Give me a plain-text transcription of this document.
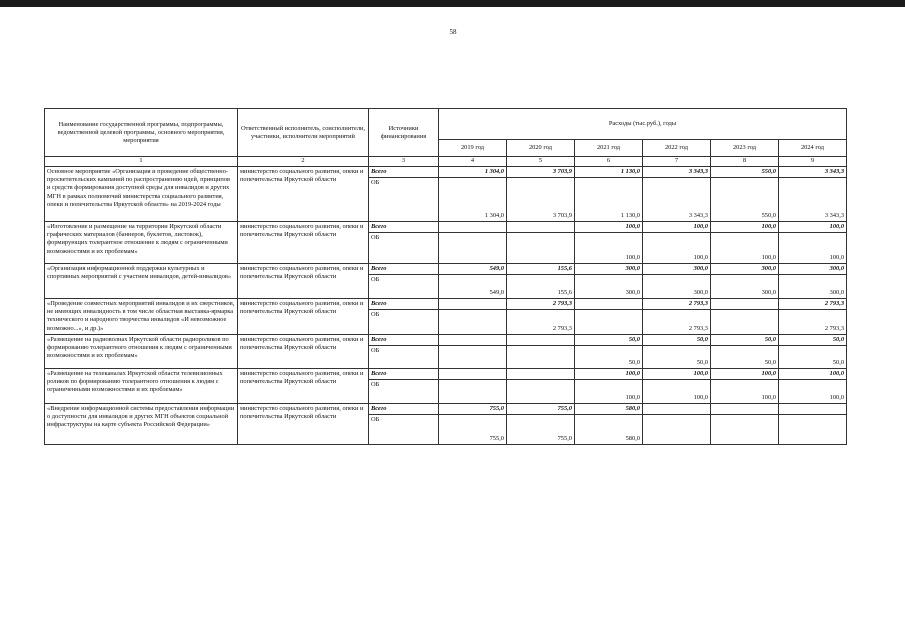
58
Наименование государственной программы, подпрограммы, ведомственной целевой программы, основного мероприятия, мероприятия	Ответственный исполнитель, соисполнители, участники, исполнители мероприятий	Источники финансирования	Расходы (тыс.руб.), годы					
			2019 год	2020 год	2021 год	2022 год	2023 год	2024 год
1	2	3	4	5	6	7	8	9
Основное мероприятие «Организация и проведение общественно-просветительских кампаний по распространению идей, принципов и средств формирования доступной среды для инвалидов и других МГН в рамках полномочий министерства социального развития, опеки и попечительства Иркутской области» на 2019-2024 годы	министерство социального развития, опеки и попечительства Иркутской области	Всего	1 304,0	3 703,9	1 130,0	3 343,3	550,0	3 343,3
		ОБ	1 304,0	3 703,9	1 130,0	3 343,3	550,0	3 343,3
«Изготовление и размещение на территории Иркутской области графических материалов (баннеров, буклетов, листовок), формирующих толерантное отношение к людям с ограниченными возможностями и их проблемам»	министерство социального развития, опеки и попечительства Иркутской области	Всего			100,0	100,0	100,0	100,0
		ОБ			100,0	100,0	100,0	100,0
«Организация информационной поддержки культурных и спортивных мероприятий с участием инвалидов, детей-инвалидов»	министерство социального развития, опеки и попечительства Иркутской области	Всего	549,0	155,6	300,0	300,0	300,0	300,0
		ОБ	549,0	155,6	300,0	300,0	300,0	300,0
«Проведение совместных мероприятий инвалидов и их сверстников, не имеющих инвалидность в том числе областная выставка-ярмарка технического и народного творчества инвалидов «И невозможное возможно...», и др.)»	министерство социального развития, опеки и попечительства Иркутской области	Всего		2 793,3		2 793,3		2 793,3
		ОБ		2 793,3		2 793,3		2 793,3
«Размещение на радиоволнах Иркутской области радиороликов по формированию толерантного отношения к людям с ограниченными возможностями и их проблемам»	министерство социального развития, опеки и попечительства Иркутской области	Всего			50,0	50,0	50,0	50,0
		ОБ			50,0	50,0	50,0	50,0
«Размещение на телеканалах Иркутской области телевизионных роликов по формированию толерантного отношения к людям с ограниченными возможностями и их проблемам»	министерство социального развития, опеки и попечительства Иркутской области	Всего			100,0	100,0	100,0	100,0
		ОБ			100,0	100,0	100,0	100,0
«Внедрение информационной системы предоставления информации о доступности для инвалидов и других МГН объектов социальной инфраструктуры на карте субъекта Российской Федерации»	министерство социального развития, опеки и попечительства Иркутской области	Всего	755,0	755,0	580,0			
		ОБ	755,0	755,0	580,0			
